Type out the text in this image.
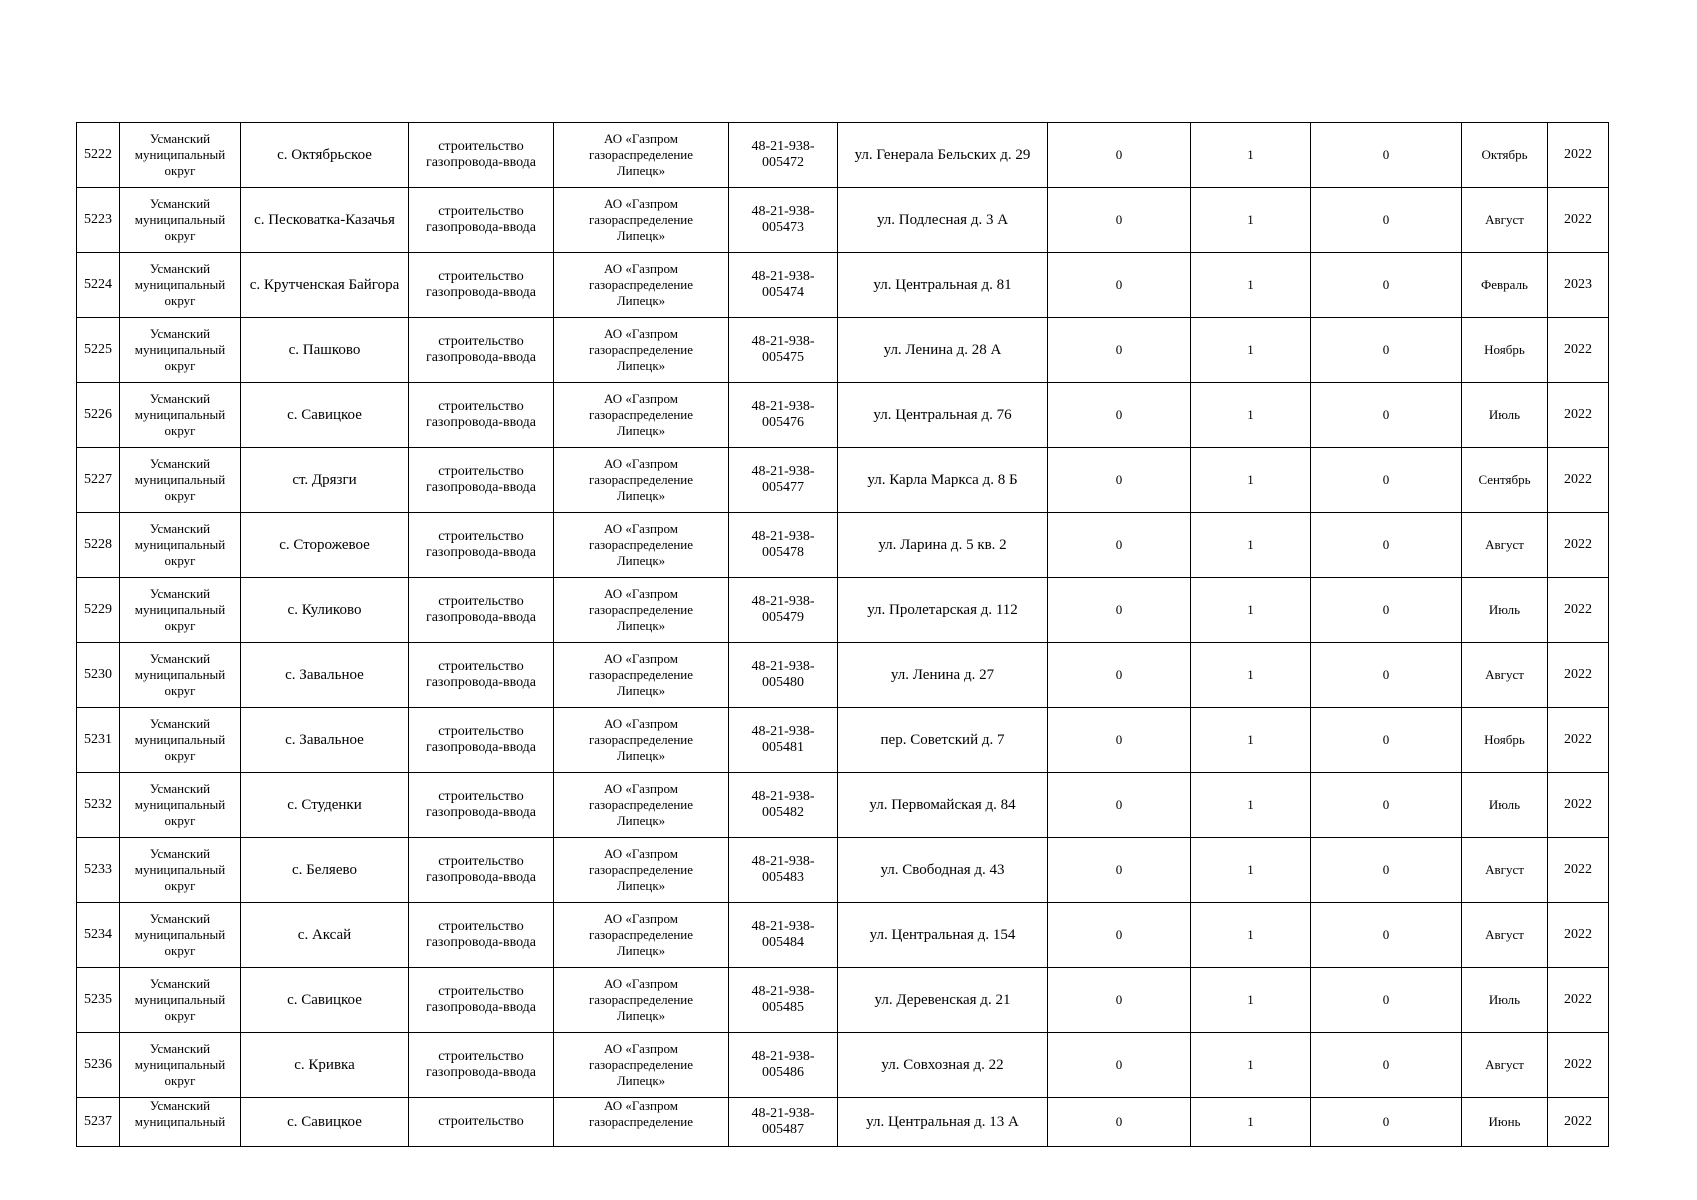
5222	Усманский
муниципальный
округ	с. Октябрьское	строительство
газопровода-ввода	АО «Газпром
газораспределение
Липецк»	48-21-938-
005472	ул. Генерала Бельских д. 29	0	1	0	Октябрь	2022
5223	Усманский
муниципальный
округ	с. Песковатка-Казачья	строительство
газопровода-ввода	АО «Газпром
газораспределение
Липецк»	48-21-938-
005473	ул. Подлесная д. 3 А	0	1	0	Август	2022
5224	Усманский
муниципальный
округ	с. Крутченская Байгора	строительство
газопровода-ввода	АО «Газпром
газораспределение
Липецк»	48-21-938-
005474	ул. Центральная д. 81	0	1	0	Февраль	2023
5225	Усманский
муниципальный
округ	с. Пашково	строительство
газопровода-ввода	АО «Газпром
газораспределение
Липецк»	48-21-938-
005475	ул. Ленина д. 28 А	0	1	0	Ноябрь	2022
5226	Усманский
муниципальный
округ	с. Савицкое	строительство
газопровода-ввода	АО «Газпром
газораспределение
Липецк»	48-21-938-
005476	ул. Центральная д. 76	0	1	0	Июль	2022
5227	Усманский
муниципальный
округ	ст. Дрязги	строительство
газопровода-ввода	АО «Газпром
газораспределение
Липецк»	48-21-938-
005477	ул. Карла Маркса д. 8 Б	0	1	0	Сентябрь	2022
5228	Усманский
муниципальный
округ	с. Сторожевое	строительство
газопровода-ввода	АО «Газпром
газораспределение
Липецк»	48-21-938-
005478	ул. Ларина д. 5 кв. 2	0	1	0	Август	2022
5229	Усманский
муниципальный
округ	с. Куликово	строительство
газопровода-ввода	АО «Газпром
газораспределение
Липецк»	48-21-938-
005479	ул. Пролетарская д. 112	0	1	0	Июль	2022
5230	Усманский
муниципальный
округ	с. Завальное	строительство
газопровода-ввода	АО «Газпром
газораспределение
Липецк»	48-21-938-
005480	ул. Ленина д. 27	0	1	0	Август	2022
5231	Усманский
муниципальный
округ	с. Завальное	строительство
газопровода-ввода	АО «Газпром
газораспределение
Липецк»	48-21-938-
005481	пер. Советский д. 7	0	1	0	Ноябрь	2022
5232	Усманский
муниципальный
округ	с. Студенки	строительство
газопровода-ввода	АО «Газпром
газораспределение
Липецк»	48-21-938-
005482	ул. Первомайская д. 84	0	1	0	Июль	2022
5233	Усманский
муниципальный
округ	с. Беляево	строительство
газопровода-ввода	АО «Газпром
газораспределение
Липецк»	48-21-938-
005483	ул. Свободная д. 43	0	1	0	Август	2022
5234	Усманский
муниципальный
округ	с. Аксай	строительство
газопровода-ввода	АО «Газпром
газораспределение
Липецк»	48-21-938-
005484	ул. Центральная д. 154	0	1	0	Август	2022
5235	Усманский
муниципальный
округ	с. Савицкое	строительство
газопровода-ввода	АО «Газпром
газораспределение
Липецк»	48-21-938-
005485	ул. Деревенская д. 21	0	1	0	Июль	2022
5236	Усманский
муниципальный
округ	с. Кривка	строительство
газопровода-ввода	АО «Газпром
газораспределение
Липецк»	48-21-938-
005486	ул. Совхозная д. 22	0	1	0	Август	2022
5237	Усманский
муниципальный	с. Савицкое	строительство	АО «Газпром
газораспределение	48-21-938-
005487	ул. Центральная д. 13 А	0	1	0	Июнь	2022
